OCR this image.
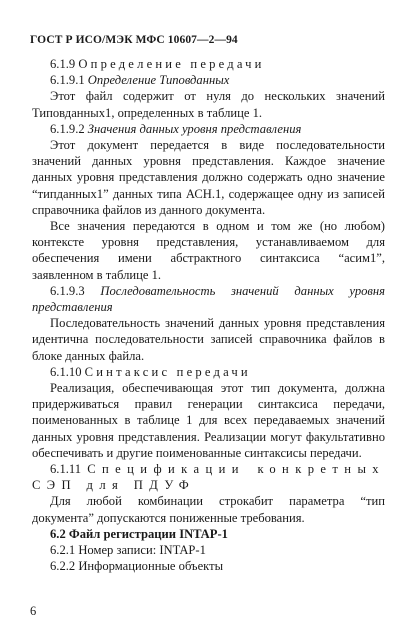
ГОСТ Р ИСО/МЭК МФС 10607—2—94
6.1.9 Определение передачи
6.1.9.1 Определение Типовданных

Этот файл содержит от нуля до нескольких значений Типовданных1, определенных в таблице 1.

6.1.9.2 Значения данных уровня представления

Этот документ передается в виде последовательности значений данных уровня представления. Каждое значение данных уровня представления должно содержать одно значение “типданных1” данных типа АСН.1, содержащее одну из записей справочника файлов из данного документа.

Все значения передаются в одном и том же (но любом) контексте уровня представления, устанавливаемом для обеспечения имени абстрактного синтаксиса “асим1”, заявленном в таблице 1.

6.1.9.3 Последовательность значений данных уровня представления

Последовательность значений данных уровня представления идентична последовательности записей справочника файлов в блоке данных файла.

6.1.10 Синтаксис передачи

Реализация, обеспечивающая этот тип документа, должна придерживаться правил генерации синтаксиса передачи, поименованных в таблице 1 для всех передаваемых значений данных уровня представления. Реализации могут факультативно обеспечивать и другие поименованные синтаксисы передачи.

6.1.11 Спецификации конкретных СЭП для ПДУФ

Для любой комбинации строкабит параметра “тип документа” допускаются пониженные требования.

6.2 Файл регистрации INTAP-1
6.2.1 Номер записи: INTAP-1
6.2.2 Информационные объекты
6
